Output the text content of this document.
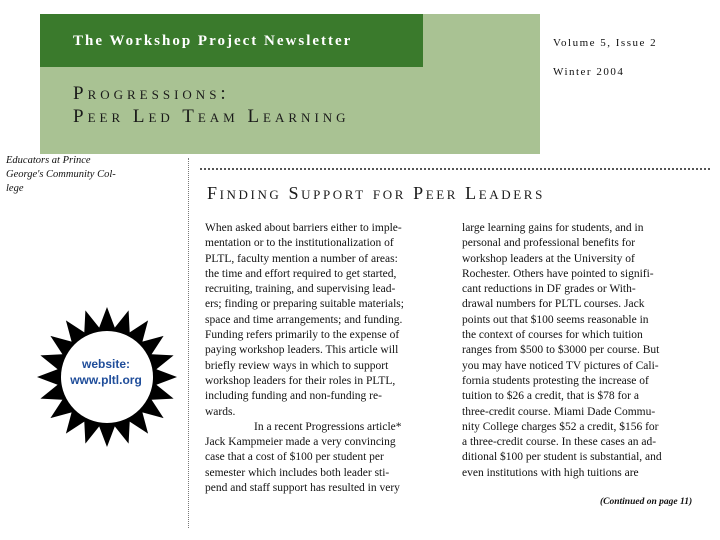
The Workshop Project Newsletter
Progressions:
Peer Led Team Learning
Volume 5, Issue 2
Winter 2004
Educators at Prince
George's Community Col-
lege
website:
www.pltl.org
Finding Support for Peer Leaders
When asked about barriers either to imple-
mentation or to the institutionalization of
PLTL, faculty mention a number of areas:
the time and effort required to get started,
recruiting, training, and supervising lead-
ers; finding or preparing suitable materials;
space and time arrangements; and funding.
Funding refers primarily to the expense of
paying workshop leaders. This article will
briefly review ways in which to support
workshop leaders for their roles in PLTL,
including funding and non-funding re-
wards.
In a recent Progressions article*
Jack Kampmeier made a very convincing
case that a cost of $100 per student per
semester which includes both leader sti-
pend and staff support has resulted in very
large learning gains for students, and in
personal and professional benefits for
workshop leaders at the University of
Rochester. Others have pointed to signifi-
cant reductions in DF grades or With-
drawal numbers for PLTL courses. Jack
points out that $100 seems reasonable in
the context of courses for which tuition
ranges from $500 to $3000 per course. But
you may have noticed TV pictures of Cali-
fornia students protesting the increase of
tuition to $26 a credit, that is $78 for a
three-credit course. Miami Dade Commu-
nity College charges $52 a credit, $156 for
a three-credit course. In these cases an ad-
ditional $100 per student is substantial, and
even institutions with high tuitions are
(Continued on page 11)
